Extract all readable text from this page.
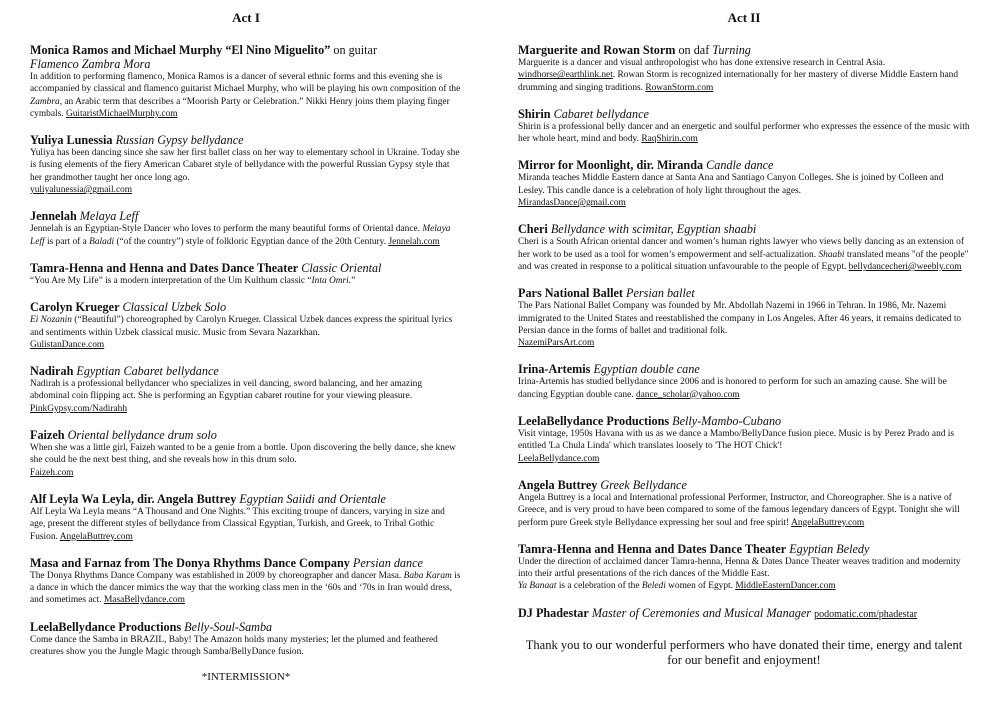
Act I
Monica Ramos and Michael Murphy “El Nino Miguelito” on guitar
Flamenco Zambra Mora
In addition to performing flamenco, Monica Ramos is a dancer of several ethnic forms and this evening she is accompanied by classical and flamenco guitarist Michael Murphy, who will be playing his own composition of the Zambra, an Arabic term that describes a “Moorish Party or Celebration.” Nikki Henry joins them playing finger cymbals. GuitaristMichaelMurphy.com
Yuliya Lunessia Russian Gypsy bellydance
Yuliya has been dancing since she saw her first ballet class on her way to elementary school in Ukraine. Today she is fusing elements of the fiery American Cabaret style of bellydance with the powerful Russian Gypsy style that her grandmother taught her once long ago.
yuliyalunessia@gmail.com
Jennelah Melaya Leff
Jennelah is an Egyptian-Style Dancer who loves to perform the many beautiful forms of Oriental dance. Melaya Leff is part of a Baladi (“of the country”) style of folkloric Egyptian dance of the 20th Century. Jennelah.com
Tamra-Henna and Henna and Dates Dance Theater Classic Oriental
“You Are My Life” is a modern interpretation of the Um Kulthum classic “Inta Omri.”
Carolyn Krueger Classical Uzbek Solo
Ei Nozanin (“Beautiful”) choreographed by Carolyn Krueger. Classical Uzbek dances express the spiritual lyrics and sentiments within Uzbek classical music. Music from Sevara Nazarkhan.
GulistanDance.com
Nadirah Egyptian Cabaret bellydance
Nadirah is a professional bellydancer who specializes in veil dancing, sword balancing, and her amazing abdominal coin flipping act. She is performing an Egyptian cabaret routine for your viewing pleasure. PinkGypsy.com/Nadirahh
Faizeh Oriental bellydance drum solo
When she was a little girl, Faizeh wanted to be a genie from a bottle. Upon discovering the belly dance, she knew she could be the next best thing, and she reveals how in this drum solo.
Faizeh.com
Alf Leyla Wa Leyla, dir. Angela Buttrey Egyptian Saiidi and Orientale
Alf Leyla Wa Leyla means “A Thousand and One Nights.” This exciting troupe of dancers, varying in size and age, present the different styles of bellydance from Classical Egyptian, Turkish, and Greek, to Tribal Gothic Fusion. AngelaButtrey.com
Masa and Farnaz from The Donya Rhythms Dance Company Persian dance
The Donya Rhythms Dance Company was established in 2009 by choreographer and dancer Masa. Baba Karam is a dance in which the dancer mimics the way that the working class men in the ‘60s and ‘70s in Iran would dress, and sometimes act. MasaBellydance.com
LeelaBellydance Productions Belly-Soul-Samba
Come dance the Samba in BRAZIL, Baby! The Amazon holds many mysteries; let the plumed and feathered creatures show you the Jungle Magic through Samba/BellyDance fusion.
*INTERMISSION*
Act II
Marguerite and Rowan Storm on daf Turning
Marguerite is a dancer and visual anthropologist who has done extensive research in Central Asia. windhorse@earthlink.net. Rowan Storm is recognized internationally for her mastery of diverse Middle Eastern hand drumming and singing traditions. RowanStorm.com
Shirin Cabaret bellydance
Shirin is a professional belly dancer and an energetic and soulful performer who expresses the essence of the music with her whole heart, mind and body. RaqShirin.com
Mirror for Moonlight, dir. Miranda Candle dance
Miranda teaches Middle Eastern dance at Santa Ana and Santiago Canyon Colleges. She is joined by Colleen and Lesley. This candle dance is a celebration of holy light throughout the ages.
MirandasDance@gmail.com
Cheri Bellydance with scimitar, Egyptian shaabi
Cheri is a South African oriental dancer and women’s human rights lawyer who views belly dancing as an extension of her work to be used as a tool for women’s empowerment and self-actualization. Shaabi translated means "of the people" and was created in response to a political situation unfavourable to the people of Egypt. bellydancecheri@weebly.com
Pars National Ballet Persian ballet
The Pars National Ballet Company was founded by Mr. Abdollah Nazemi in 1966 in Tehran. In 1986, Mr. Nazemi immigrated to the United States and reestablished the company in Los Angeles. After 46 years, it remains dedicated to Persian dance in the forms of ballet and traditional folk.
NazemiParsArt.com
Irina-Artemis Egyptian double cane
Irina-Artemis has studied bellydance since 2006 and is honored to perform for such an amazing cause. She will be dancing Egyptian double cane. dance_scholar@yahoo.com
LeelaBellydance Productions Belly-Mambo-Cubano
Visit vintage, 1950s Havana with us as we dance a Mambo/BellyDance fusion piece. Music is by Perez Prado and is entitled 'La Chula Linda' which translates loosely to 'The HOT Chick'!
LeelaBellydance.com
Angela Buttrey Greek Bellydance
Angela Buttrey is a local and International professional Performer, Instructor, and Choreographer. She is a native of Greece, and is very proud to have been compared to some of the famous legendary dancers of Egypt. Tonight she will perform pure Greek style Bellydance expressing her soul and free spirit! AngelaButtrey.com
Tamra-Henna and Henna and Dates Dance Theater Egyptian Beledy
Under the direction of acclaimed dancer Tamra-henna, Henna & Dates Dance Theater weaves tradition and modernity into their artful presentations of the rich dances of the Middle East.
Ya Banaat is a celebration of the Beledi women of Egypt. MiddleEasternDancer.com
DJ Phadestar Master of Ceremonies and Musical Manager podomatic.com/phadestar
Thank you to our wonderful performers who have donated their time, energy and talent for our benefit and enjoyment!
